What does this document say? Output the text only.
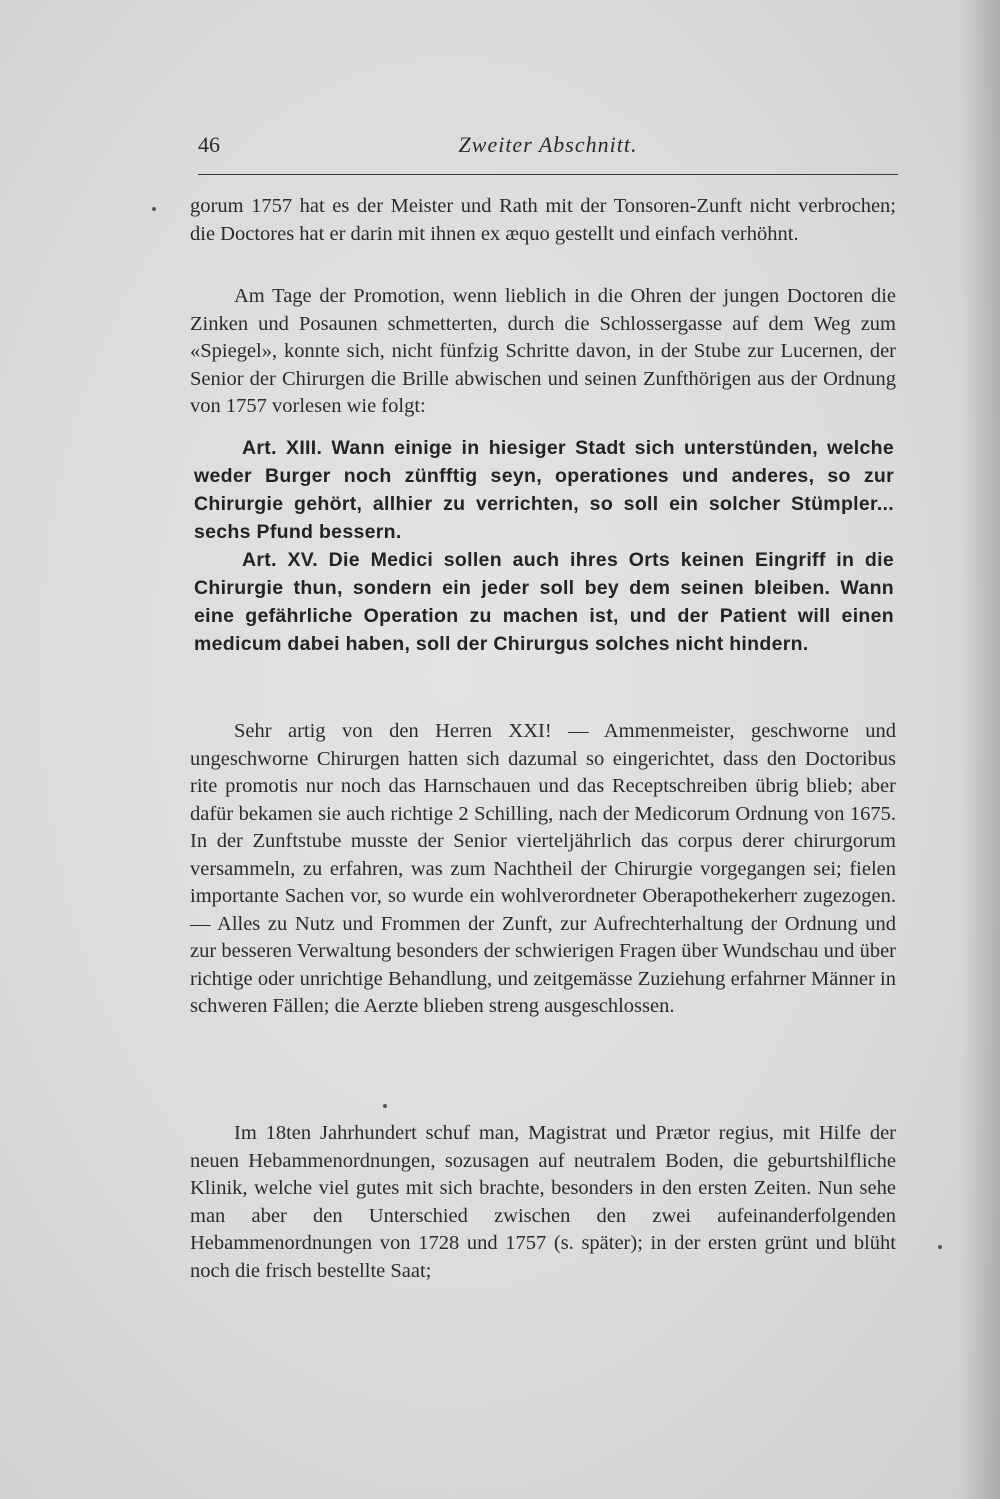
46	Zweiter Abschnitt.

gorum 1757 hat es der Meister und Rath mit der Tonsoren-Zunft nicht verbrochen; die Doctores hat er darin mit ihnen ex æquo gestellt und einfach verhöhnt.

Am Tage der Promotion, wenn lieblich in die Ohren der jungen Doctoren die Zinken und Posaunen schmetterten, durch die Schlossergasse auf dem Weg zum «Spiegel», konnte sich, nicht fünfzig Schritte davon, in der Stube zur Lucernen, der Senior der Chirurgen die Brille abwischen und seinen Zunfthörigen aus der Ordnung von 1757 vorlesen wie folgt:

Art. XIII. Wann einige in hiesiger Stadt sich unterstünden, welche weder Burger noch zünfftig seyn, operationes und anderes, so zur Chirurgie gehört, allhier zu verrichten, so soll ein solcher Stümpler... sechs Pfund bessern.

Art. XV. Die Medici sollen auch ihres Orts keinen Eingriff in die Chirurgie thun, sondern ein jeder soll bey dem seinen bleiben. Wann eine gefährliche Operation zu machen ist, und der Patient will einen medicum dabei haben, soll der Chirurgus solches nicht hindern.

Sehr artig von den Herren XXI! — Ammenmeister, geschworne und ungeschworne Chirurgen hatten sich dazumal so eingerichtet, dass den Doctoribus rite promotis nur noch das Harnschauen und das Receptschreiben übrig blieb; aber dafür bekamen sie auch richtige 2 Schilling, nach der Medicorum Ordnung von 1675. In der Zunftstube musste der Senior vierteljährlich das corpus derer chirurgorum versammeln, zu erfahren, was zum Nachtheil der Chirurgie vorgegangen sei; fielen importante Sachen vor, so wurde ein wohlverordneter Oberapothekerherr zugezogen. — Alles zu Nutz und Frommen der Zunft, zur Aufrechterhaltung der Ordnung und zur besseren Verwaltung besonders der schwierigen Fragen über Wundschau und über richtige oder unrichtige Behandlung, und zeitgemässe Zuziehung erfahrner Männer in schweren Fällen; die Aerzte blieben streng ausgeschlossen.

Im 18ten Jahrhundert schuf man, Magistrat und Prætor regius, mit Hilfe der neuen Hebammenordnungen, sozusagen auf neutralem Boden, die geburtshilfliche Klinik, welche viel gutes mit sich brachte, besonders in den ersten Zeiten. Nun sehe man aber den Unterschied zwischen den zwei aufeinanderfolgenden Hebammenordnungen von 1728 und 1757 (s. später); in der ersten grünt und blüht noch die frisch bestellte Saat;
